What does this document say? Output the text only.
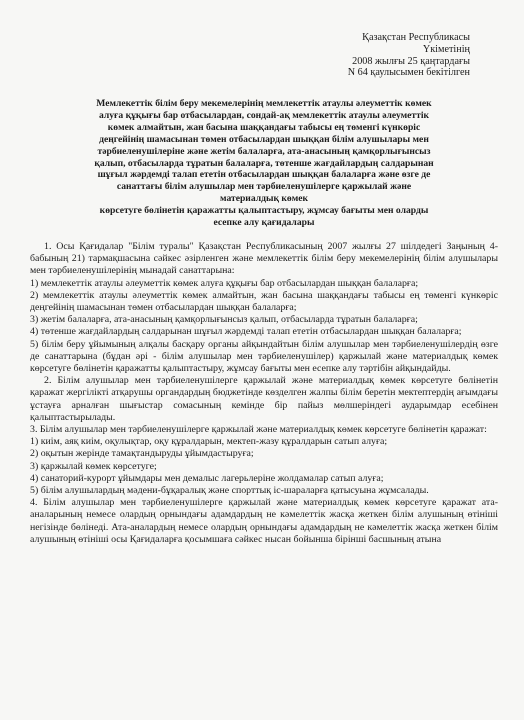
Қазақстан Республикасы
Үкіметінің
2008 жылғы 25 қаңтардағы
N 64 қаулысымен бекітілген
Мемлекеттік білім беру мекемелерінің мемлекеттік атаулы әлеуметтік көмек
алуға құқығы бар отбасылардан, сондай-ақ мемлекеттік атаулы әлеуметтік
көмек алмайтын, жан басына шаққандағы табысы ең төменгі күнкөріс
деңгейінің шамасынан төмен отбасылардан шыққан білім алушылары мен
тәрбиеленушілеріне және жетім балаларға, ата-анасының қамқорлығынсыз
қалып, отбасыларда тұратын балаларға, төтенше жағдайлардың салдарынан
шұғыл жәрдемді талап ететін отбасылардан шыққан балаларға және өзге де
санаттағы білім алушылар мен тәрбиеленушілерге қаржылай және
материалдық көмек
көрсетуге бөлінетін қаражатты қалыптастыру, жұмсау бағыты мен оларды
есепке алу қағидалары

1. Осы Қағидалар "Білім туралы" Қазақстан Республикасының 2007 жылғы 27 шілдедегі Заңының 4-бабының 21) тармақшасына сәйкес әзірленген және мемлекеттік білім беру мекемелерінің білім алушылары мен тәрбиеленушілерінің мынадай санаттарына:

1) мемлекеттік атаулы әлеуметтік көмек алуға құқығы бар отбасылардан шыққан балаларға;

2) мемлекеттік атаулы әлеуметтік көмек алмайтын, жан басына шаққандағы табысы ең төменгі күнкөріс деңгейінің шамасынан төмен отбасылардан шыққан балаларға;

3) жетім балаларға, ата-анасының қамқорлығынсыз қалып, отбасыларда тұратын балаларға;

4) төтенше жағдайлардың салдарынан шұғыл жәрдемді талап ететін отбасылардан шыққан балаларға;

5) білім беру ұйымының алқалы басқару органы айқындайтын білім алушылар мен тәрбиеленушілердің өзге де санаттарына (бұдан әрі - білім алушылар мен тәрбиеленушілер) қаржылай және материалдық көмек көрсетуге бөлінетін қаражатты қалыптастыру, жұмсау бағыты мен есепке алу тәртібін айқындайды.

2. Білім алушылар мен тәрбиеленушілерге қаржылай және материалдық көмек көрсетуге бөлінетін қаражат жергілікті атқарушы органдардың бюджетінде көзделген жалпы білім беретін мектептердің ағымдағы ұстауға арналған шығыстар сомасының кемінде бір пайыз мөлшеріндегі аударымдар есебінен қалыптастырылады.

3. Білім алушылар мен тәрбиеленушілерге қаржылай және материалдық көмек көрсетуге бөлінетін қаражат:

1) киім, аяқ киім, оқулықтар, оқу құралдарын, мектеп-жазу құралдарын сатып алуға;

2) оқытын жерінде тамақтандыруды ұйымдастыруға;

3) қаржылай көмек көрсетуге;

4) санаторий-курорт ұйымдары мен демалыс лагерьлеріне жолдамалар сатып алуға;

5) білім алушылардың мәдени-бұқаралық және спорттық іс-шараларға қатысуына жұмсалады.

4. Білім алушылар мен тәрбиеленушілерге қаржылай және материалдық көмек көрсетуге қаражат ата-аналарының немесе олардың орнындағы адамдардың не кәмелеттік жасқа жеткен білім алушының өтініші негізінде бөлінеді. Ата-аналардың немесе олардың орнындағы адамдардың не кәмелеттік жасқа жеткен білім алушының өтініші осы Қағидаларға қосымшаға сәйкес нысан бойынша бірінші басшының атына
